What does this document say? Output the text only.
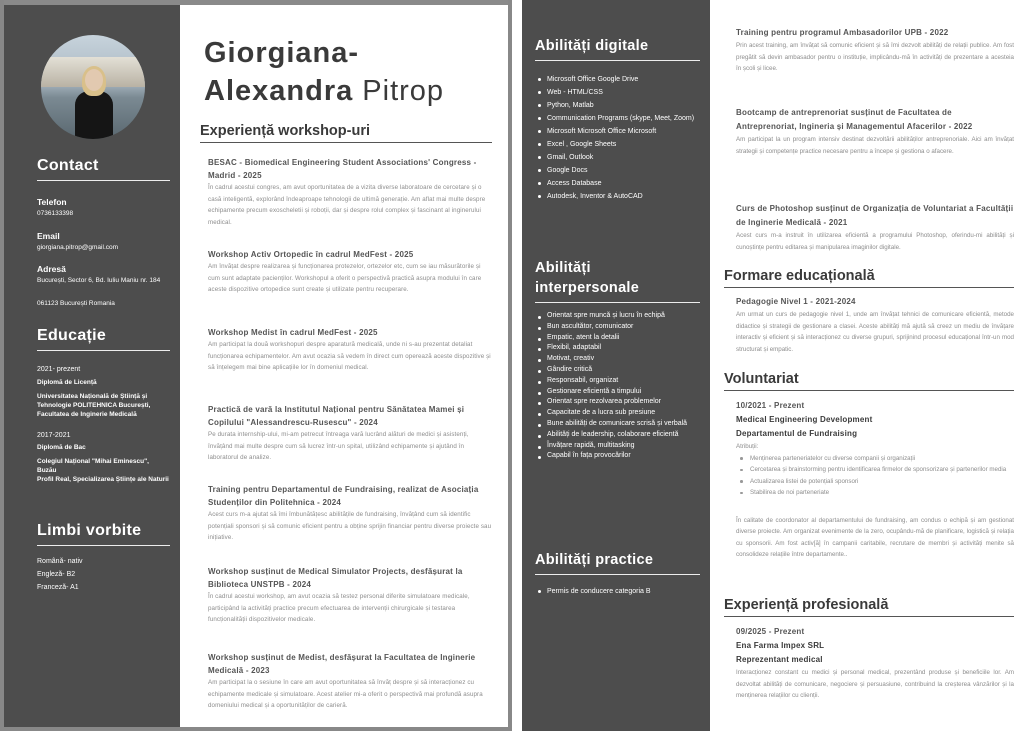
Contact
Telefon
0736133398
Email
giorgiana.pitrop@gmail.com
Adresă
București, Sector 6, Bd. Iuliu Maniu nr. 184
061123 București Romania
Educație
2021- prezent
Diplomă de Licență
Universitatea Națională de Știință și Tehnologie POLITEHNICA București, Facultatea de Inginerie Medicală
2017-2021
Diplomă de Bac
Colegiul Național "Mihai Eminescu", Buzău
Profil Real, Specializarea Științe ale Naturii
Limbi vorbite
Română- nativ
Engleză- B2
Franceză- A1
Giorgiana-
Alexandra Pitrop
Experiență workshop-uri
BESAC - Biomedical Engineering Student Associations' Congress - Madrid - 2025
În cadrul acestui congres, am avut oportunitatea de a vizita diverse laboratoare de cercetare și o casă inteligentă, explorând îndeaproape tehnologii de ultimă generație. Am aflat mai multe despre echipamente precum exoscheletii și roboții, dar și despre rolul complex și fascinant al inginerului medical.
Workshop Activ Ortopedic în cadrul MedFest - 2025
Am învățat despre realizarea și funcționarea protezelor, ortezelor etc, cum se iau măsurătorile și cum sunt adaptate pacienților. Workshopul a oferit o perspectivă practică asupra modului în care aceste dispozitive ortopedice sunt create și utilizate pentru recuperare.
Workshop Medist în cadrul MedFest - 2025
Am participat la două workshopuri despre aparatură medicală, unde ni s-au prezentat detaliat funcționarea echipamentelor. Am avut ocazia să vedem în direct cum operează aceste dispozitive și să înțelegem mai bine aplicațiile lor în domeniul medical.
Practică de vară la Institutul Național pentru Sănătatea Mamei și Copilului "Alessandrescu-Rusescu" - 2024
Pe durata internship-ului, mi-am petrecut întreaga vară lucrând alături de medici și asistenți, învățând mai multe despre cum să lucrez într-un spital, utilizând echipamente și ajutând în laboratorul de analize.
Training pentru Departamentul de Fundraising, realizat de Asociația Studenților din Politehnica - 2024
Acest curs m-a ajutat să îmi îmbunătățesc abilitățile de fundraising, învățând cum să identific potențiali sponsori și să comunic eficient pentru a obține sprijin financiar pentru diverse proiecte sau inițiative.
Workshop susținut de Medical Simulator Projects, desfășurat la Biblioteca UNSTPB - 2024
În cadrul acestui workshop, am avut ocazia să testez personal diferite simulatoare medicale, participând la activități practice precum efectuarea de intervenții chirurgicale și testarea funcționalității dispozitivelor medicale.
Workshop susținut de Medist, desfășurat la Facultatea de Inginerie Medicală - 2023
Am participat la o sesiune în care am avut oportunitatea să învăț despre și să interacționez cu echipamente medicale și simulatoare. Acest atelier mi-a oferit o perspectivă mai profundă asupra domeniului medical și a oportunităților de carieră.
Abilități digitale
Microsoft Office Google Drive
Web - HTML/CSS
Python, Matlab
Communication Programs (skype, Meet, Zoom)
Microsoft Microsoft Office Microsoft
Excel , Google Sheets
Gmail, Outlook
Google Docs
Access Database
Autodesk, Inventor & AutoCAD
Abilități
interpersonale
Orientat spre muncă și lucru în echipă
Bun ascultător, comunicator
Empatic, atent la detalii
Flexibil, adaptabil
Motivat, creativ
Gândire critică
Responsabil, organizat
Gestionare eficientă a timpului
Orientat spre rezolvarea problemelor
Capacitate de a lucra sub presiune
Bune abilități de comunicare scrisă și verbală
Abilități de leadership, colaborare eficientă
Învățare rapidă, multitasking
Capabil în fața provocărilor
Abilități practice
Permis de conducere categoria B
Training pentru programul Ambasadorilor UPB - 2022
Prin acest training, am învățat să comunic eficient și să îmi dezvolt abilități de relații publice. Am fost pregătit să devin ambasador pentru o instituție, implicându-mă în activități de prezentare a acesteia în școli și licee.
Bootcamp de antreprenoriat susținut de Facultatea de Antreprenoriat, Ingineria și Managementul Afacerilor - 2022
Am participat la un program intensiv destinat dezvoltării abilităților antreprenoriale. Aici am învățat strategii și competențe practice necesare pentru a începe și gestiona o afacere.
Curs de Photoshop susținut de Organizația de Voluntariat a Facultății de Inginerie Medicală - 2021
Acest curs m-a instruit în utilizarea eficientă a programului Photoshop, oferindu-mi abilități și cunoștințe pentru editarea și manipularea imaginilor digitale.
Formare educațională
Pedagogie Nivel 1 - 2021-2024
Am urmat un curs de pedagogie nivel 1, unde am învățat tehnici de comunicare eficientă, metode didactice și strategii de gestionare a clasei. Aceste abilități mă ajută să creez un mediu de învățare interactiv și eficient și să interacționez cu diverse grupuri, sprijinind procesul educațional într-un mod structurat și empatic.
Voluntariat
10/2021 - Prezent
Medical Engineering Development
Departamentul de Fundraising
Atribuții:
Menținerea parteneriatelor cu diverse companii și organizații
Cercetarea și brainstorming pentru identificarea firmelor de sponsorizare și partenerilor media
Actualizarea listei de potențiali sponsori
Stabilirea de noi parteneriate
În calitate de coordonator al departamentului de fundraising, am condus o echipă și am gestionat diverse proiecte. Am organizat evenimente de la zero, ocupându-mă de planificare, logistică și relația cu sponsorii. Am fost activ[ă] în campanii caritabile, recrutare de membri și activități menite să consolideze relațiile între departamente..
Experiență profesională
09/2025 - Prezent
Ena Farma Impex SRL
Reprezentant medical
Interacționez constant cu medici și personal medical, prezentând produse și beneficiile lor. Am dezvoltat abilități de comunicare, negociere și persuasiune, contribuind la creșterea vânzărilor și la menținerea relațiilor cu clienții.
